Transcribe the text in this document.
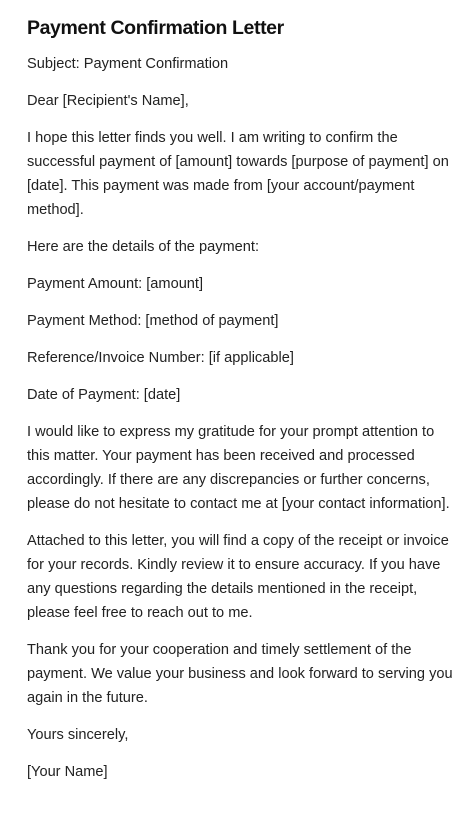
Payment Confirmation Letter

Subject: Payment Confirmation

Dear [Recipient's Name],

I hope this letter finds you well. I am writing to confirm the successful payment of [amount] towards [purpose of payment] on [date]. This payment was made from [your account/payment method].

Here are the details of the payment:

Payment Amount: [amount]

Payment Method: [method of payment]

Reference/Invoice Number: [if applicable]

Date of Payment: [date]

I would like to express my gratitude for your prompt attention to this matter. Your payment has been received and processed accordingly. If there are any discrepancies or further concerns, please do not hesitate to contact me at [your contact information].

Attached to this letter, you will find a copy of the receipt or invoice for your records. Kindly review it to ensure accuracy. If you have any questions regarding the details mentioned in the receipt, please feel free to reach out to me.

Thank you for your cooperation and timely settlement of the payment. We value your business and look forward to serving you again in the future.

Yours sincerely,

[Your Name]
